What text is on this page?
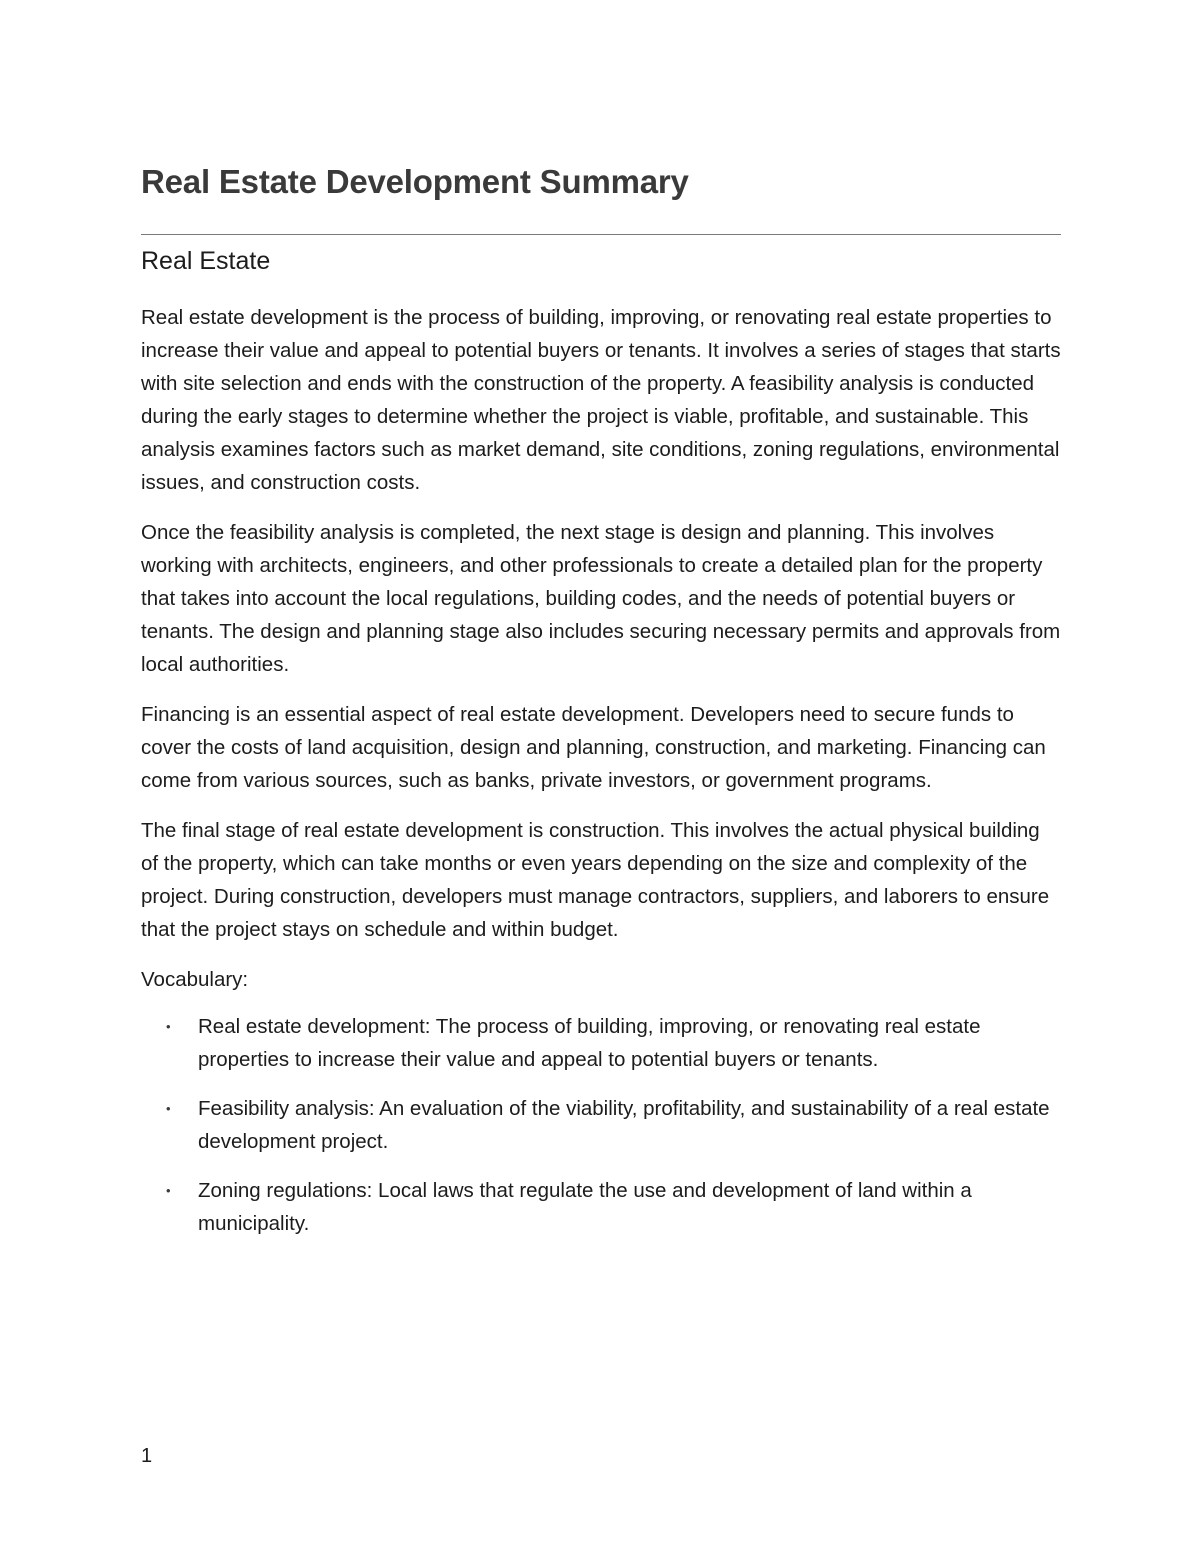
Real Estate Development Summary
Real Estate

Real estate development is the process of building, improving, or renovating real estate properties to increase their value and appeal to potential buyers or tenants. It involves a series of stages that starts with site selection and ends with the construction of the property. A feasibility analysis is conducted during the early stages to determine whether the project is viable, profitable, and sustainable. This analysis examines factors such as market demand, site conditions, zoning regulations, environmental issues, and construction costs.

Once the feasibility analysis is completed, the next stage is design and planning. This involves working with architects, engineers, and other professionals to create a detailed plan for the property that takes into account the local regulations, building codes, and the needs of potential buyers or tenants. The design and planning stage also includes securing necessary permits and approvals from local authorities.

Financing is an essential aspect of real estate development. Developers need to secure funds to cover the costs of land acquisition, design and planning, construction, and marketing. Financing can come from various sources, such as banks, private investors, or government programs.

The final stage of real estate development is construction. This involves the actual physical building of the property, which can take months or even years depending on the size and complexity of the project. During construction, developers must manage contractors, suppliers, and laborers to ensure that the project stays on schedule and within budget.

Vocabulary:

• Real estate development: The process of building, improving, or renovating real estate properties to increase their value and appeal to potential buyers or tenants.
• Feasibility analysis: An evaluation of the viability, profitability, and sustainability of a real estate development project.
• Zoning regulations: Local laws that regulate the use and development of land within a municipality.
1
